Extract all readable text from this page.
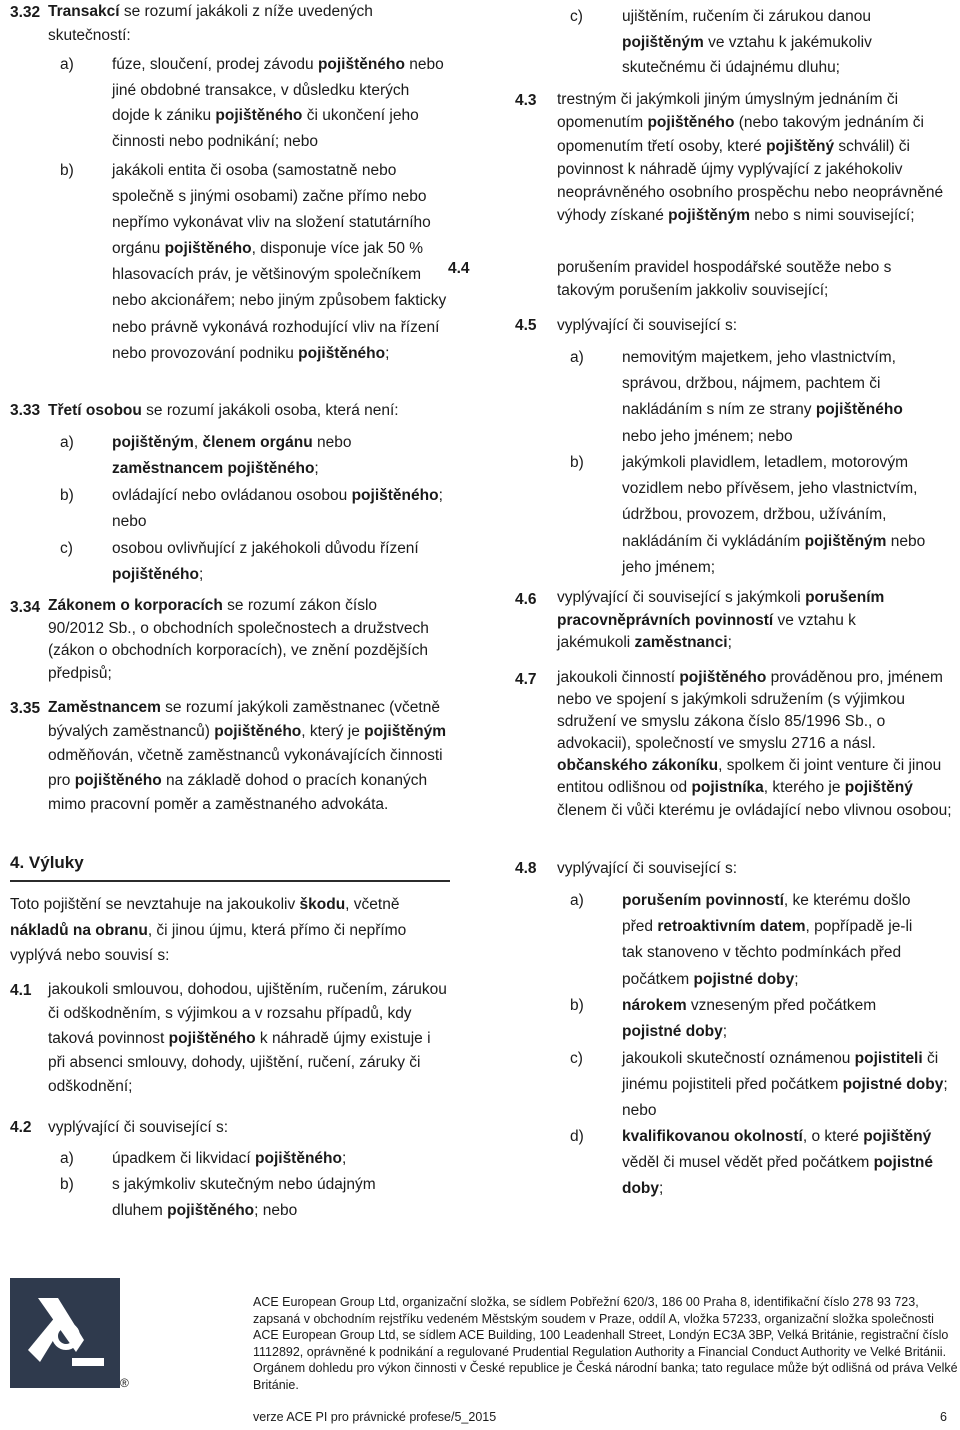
3.32 Transakcí se rozumí jakákoli z níže uvedených skutečností:
a) fúze, sloučení, prodej závodu pojištěného nebo jiné obdobné transakce, v důsledku kterých dojde k zániku pojištěného či ukončení jeho činnosti nebo podnikání; nebo
b) jakákoli entita či osoba (samostatně nebo společně s jinými osobami) začne přímo nebo nepřímo vykonávat vliv na složení statutárního orgánu pojištěného, disponuje více jak 50 % hlasovacích práv, je většinovým společníkem nebo akcionářem; nebo jiným způsobem fakticky nebo právně vykonává rozhodující vliv na řízení nebo provozování podniku pojištěného;
3.33 Třetí osobou se rozumí jakákoli osoba, která není:
a) pojištěným, členem orgánu nebo zaměstnancem pojištěného;
b) ovládající nebo ovládanou osobou pojištěného; nebo
c)	osobou ovlivňující z jakéhokoli důvodu řízení pojištěného;
3.34 Zákonem o korporacích se rozumí zákon číslo 90/2012 Sb., o obchodních společnostech a družstvech (zákon o obchodních korporacích), ve znění pozdějších předpisů;
3.35 Zaměstnancem se rozumí jakýkoli zaměstnanec (včetně bývalých zaměstnanců) pojištěného, který je pojištěným odměňován, včetně zaměstnanců vykonávajících činnosti pro pojištěného na základě dohod o pracích konaných mimo pracovní poměr a zaměstnaného advokáta.
4. Výluky
Toto pojištění se nevztahuje na jakoukoliv škodu, včetně nákladů na obranu, či jinou újmu, která přímo či nepřímo vyplývá nebo souvisí s:
4.1 jakoukoli smlouvou, dohodou, ujištěním, ručením, zárukou či odškodněním, s výjimkou a v rozsahu případů, kdy taková povinnost pojištěného k náhradě újmy existuje i při absenci smlouvy, dohody, ujištění, ručení, záruky či odškodnění;
4.2 vyplývající či související s:
a) úpadkem či likvidací pojištěného;
b) s jakýmkoliv skutečným nebo údajným dluhem pojištěného; nebo
c)	ujištěním, ručením či zárukou danou pojištěným ve vztahu k jakémukoliv skutečnému či údajnému dluhu;
4.3 trestným či jakýmkoli jiným úmyslným jednáním či opomenutím pojištěného (nebo takovým jednáním či opomenutím třetí osoby, které pojištěný schválil) či povinnost k náhradě újmy vyplývající z jakéhokoliv neoprávněného osobního prospěchu nebo neoprávněné výhody získané pojištěným nebo s nimi související;
4.4	porušením pravidel hospodářské soutěže nebo s takovým porušením jakkoliv související;
4.5 vyplývající či související s:
a) nemovitým majetkem, jeho vlastnictvím, správou, držbou, nájmem, pachtem či nakládáním s ním ze strany pojištěného nebo jeho jménem; nebo
b) jakýmkoli plavidlem, letadlem, motorovým vozidlem nebo přívěsem, jeho vlastnictvím, údržbou, provozem, držbou, užíváním, nakládáním či vykládáním pojištěným nebo jeho jménem;
4.6 vyplývající či související s jakýmkoli porušením pracovněprávních povinností ve vztahu k jakémukoli zaměstnanci;
4.7 jakoukoli činností pojištěného prováděnou pro, jménem nebo ve spojení s jakýmkoli sdružením (s výjimkou sdružení ve smyslu zákona číslo 85/1996 Sb., o advokacii), společností ve smyslu 2716 a násl. občanského zákoníku, spolkem či joint venture či jinou entitou odlišnou od pojistníka, kterého je pojištěný členem či vůči kterému je ovládající nebo vlivnou osobou;
4.8 vyplývající či související s:
a) porušením povinností, ke kterému došlo před retroaktivním datem, popřípadě je-li tak stanoveno v těchto podmínkách před počátkem pojistné doby;
b) nárokem vzneseným před počátkem pojistné doby;
c)	jakoukoli skutečností oznámenou pojistiteli či jinému pojistiteli před počátkem pojistné doby; nebo
d) kvalifikovanou okolností, o které pojištěný věděl či musel vědět před počátkem pojistné doby;
®
ACE European Group Ltd, organizační složka, se sídlem Pobřežní 620/3, 186 00 Praha 8, identifikační číslo 278 93 723, zapsaná v obchodním rejstříku vedeném Městským soudem v Praze, oddíl A, vložka 57233, organizační složka společnosti ACE European Group Ltd, se sídlem ACE Building, 100 Leadenhall Street, Londýn EC3A 3BP, Velká Británie, registrační číslo 1112892, oprávněné k podnikání a regulované Prudential Regulation Authority a Financial Conduct Authority ve Velké Británii. Orgánem dohledu pro výkon činnosti v České republice je Česká národní banka; tato regulace může být odlišná od práva Velké Británie.
verze ACE PI pro právnické profese/5_2015	6
